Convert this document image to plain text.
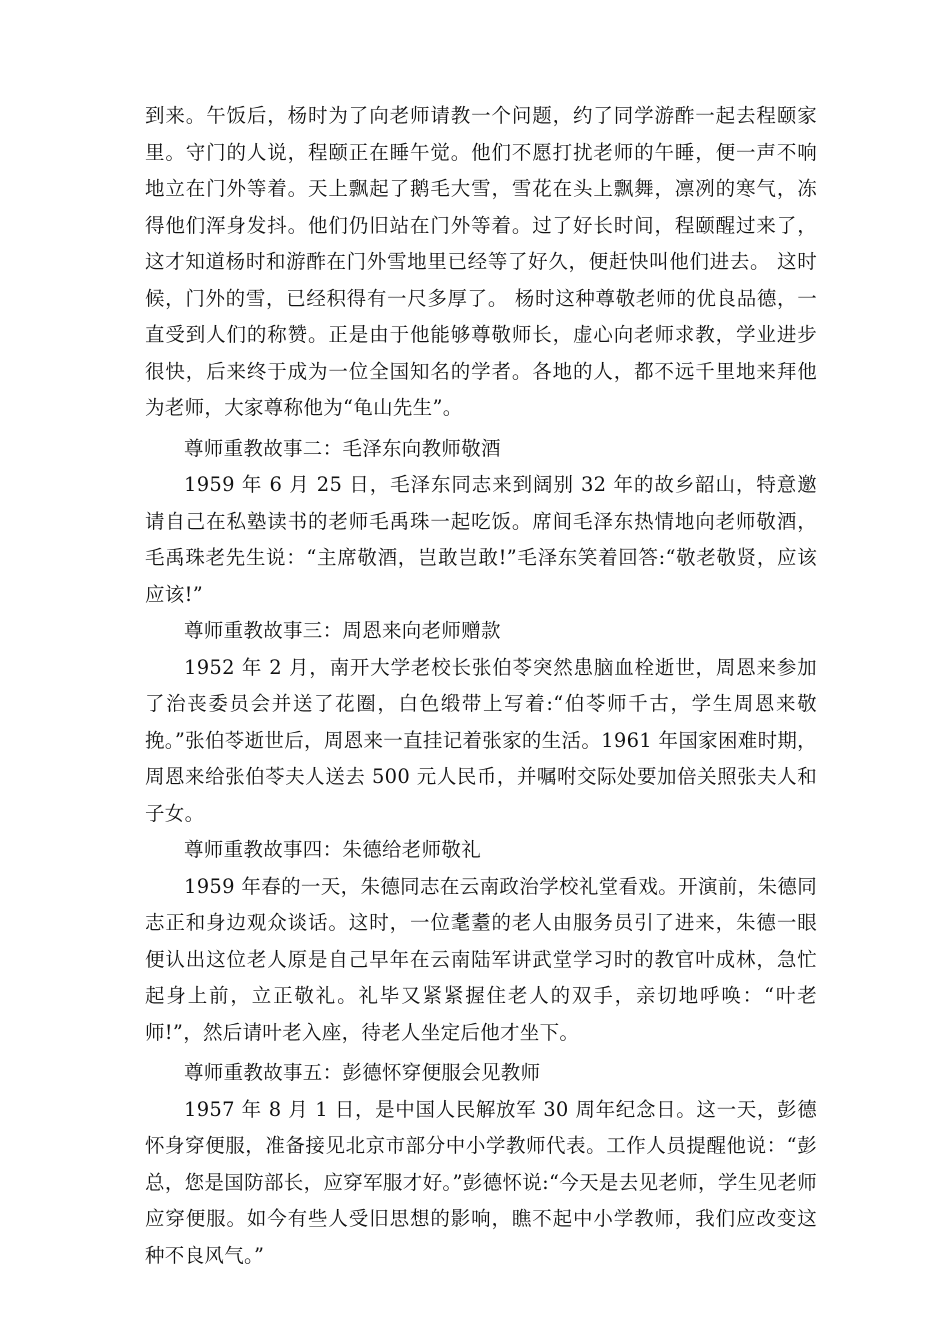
到来。午饭后，杨时为了向老师请教一个问题，约了同学游酢一起去程颐家里。守门的人说，程颐正在睡午觉。他们不愿打扰老师的午睡，便一声不响地立在门外等着。天上飘起了鹅毛大雪，雪花在头上飘舞，凛冽的寒气，冻得他们浑身发抖。他们仍旧站在门外等着。过了好长时间，程颐醒过来了，这才知道杨时和游酢在门外雪地里已经等了好久，便赶快叫他们进去。 这时候，门外的雪，已经积得有一尺多厚了。 杨时这种尊敬老师的优良品德，一直受到人们的称赞。正是由于他能够尊敬师长，虚心向老师求教，学业进步很快，后来终于成为一位全国知名的学者。各地的人，都不远千里地来拜他为老师，大家尊称他为“龟山先生”。

尊师重教故事二：毛泽东向教师敬酒

1959 年 6 月 25 日，毛泽东同志来到阔别 32 年的故乡韶山，特意邀请自己在私塾读书的老师毛禹珠一起吃饭。席间毛泽东热情地向老师敬酒，毛禹珠老先生说：“主席敬酒，岂敢岂敢!”毛泽东笑着回答:“敬老敬贤，应该应该!”

尊师重教故事三：周恩来向老师赠款

1952 年 2 月，南开大学老校长张伯苓突然患脑血栓逝世，周恩来参加了治丧委员会并送了花圈，白色缎带上写着:“伯苓师千古，学生周恩来敬挽。”张伯苓逝世后，周恩来一直挂记着张家的生活。1961 年国家困难时期，周恩来给张伯苓夫人送去 500 元人民币，并嘱咐交际处要加倍关照张夫人和子女。

尊师重教故事四：朱德给老师敬礼

1959 年春的一天，朱德同志在云南政治学校礼堂看戏。开演前，朱德同志正和身边观众谈话。这时，一位耄耋的老人由服务员引了进来，朱德一眼便认出这位老人原是自己早年在云南陆军讲武堂学习时的教官叶成林，急忙起身上前，立正敬礼。礼毕又紧紧握住老人的双手，亲切地呼唤：“叶老师!”，然后请叶老入座，待老人坐定后他才坐下。

尊师重教故事五：彭德怀穿便服会见教师

1957 年 8 月 1 日，是中国人民解放军 30 周年纪念日。这一天，彭德怀身穿便服，准备接见北京市部分中小学教师代表。工作人员提醒他说：“彭总，您是国防部长，应穿军服才好。”彭德怀说:“今天是去见老师，学生见老师应穿便服。如今有些人受旧思想的影响，瞧不起中小学教师，我们应改变这种不良风气。”
